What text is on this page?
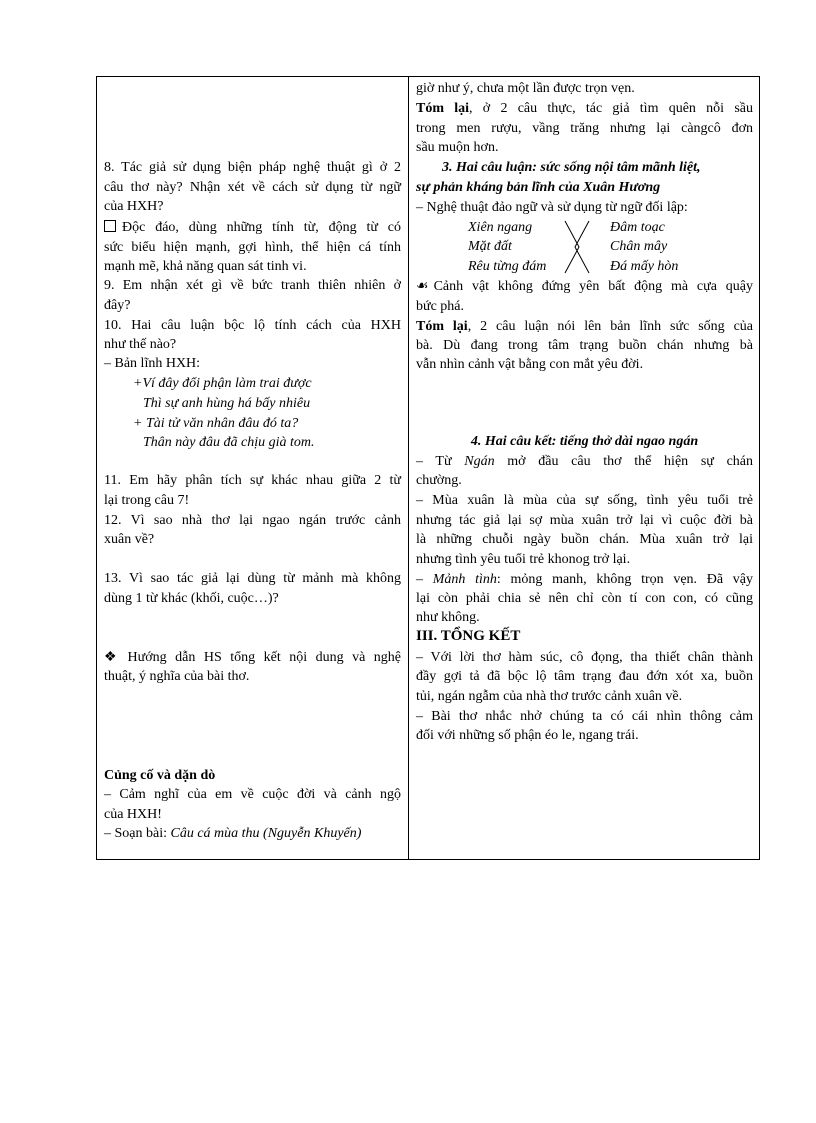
8. Tác giả sử dụng biện pháp nghệ thuật gì ở 2
câu thơ này? Nhận xét về cách sử dụng từ ngữ
của HXH?
Độc đáo, dùng những tính từ, động từ có
sức biểu hiện mạnh, gợi hình, thể hiện cá tính
mạnh mẽ, khả năng quan sát tinh vi.
9. Em nhận xét gì về bức tranh thiên nhiên ở
đây?
10. Hai câu luận bộc lộ tính cách của HXH
như thế nào?
– Bản lĩnh HXH:
+Ví đây đổi phận làm trai được
Thì sự anh hùng há bấy nhiêu
+ Tài tử văn nhân đâu đó ta?
Thân này đâu đã chịu già tom.
11. Em hãy phân tích sự khác nhau giữa 2 từ
lại trong câu 7!
12. Vì sao nhà thơ lại ngao ngán trước cảnh
xuân về?
13. Vì sao tác giả lại dùng từ mảnh mà không
dùng 1 từ khác (khối, cuộc…)?
❖ Hướng dẫn HS tổng kết nội dung và nghệ
thuật, ý nghĩa của bài thơ.
Củng cố và dặn dò
– Cảm nghĩ của em về cuộc đời và cảnh ngộ
của HXH!
– Soạn bài: Câu cá mùa thu (Nguyễn Khuyến)
giờ như ý, chưa một lần được trọn vẹn.
Tóm lại, ở 2 câu thực, tác giả tìm quên nỗi sầu
trong men rượu, vầng trăng nhưng lại càngcô đơn
sầu muộn hơn.
3. Hai câu luận: sức sống nội tâm mãnh liệt,
sự phản kháng bản lĩnh của Xuân Hương
– Nghệ thuật đảo ngữ và sử dụng từ ngữ đối lập:
Xiên ngang
Mặt đất
Rêu từng đám
Đâm toạc
Chân mây
Đá mấy hòn
☙ Cảnh vật không đứng yên bất động mà cựa quậy
bức phá.
Tóm lại, 2 câu luận nói lên bản lĩnh sức sống của
bà. Dù đang trong tâm trạng buồn chán nhưng bà
vẫn nhìn cảnh vật bằng con mắt yêu đời.
4. Hai câu kết: tiếng thở dài ngao ngán
– Từ Ngán mở đầu câu thơ thể hiện sự chán
chường.
– Mùa xuân là mùa của sự sống, tình yêu tuổi trẻ
nhưng tác giả lại sợ mùa xuân trở lại vì cuộc đời bà
là những chuỗi ngày buồn chán. Mùa xuân trở lại
nhưng tình yêu tuổi trẻ khonog trở lại.
– Mảnh tình: mỏng manh, không trọn vẹn. Đã vậy
lại còn phải chia sẻ nên chỉ còn tí con con, có cũng
như không.
III. TỔNG KẾT
– Với lời thơ hàm súc, cô đọng, tha thiết chân thành
đầy gợi tả đã bộc lộ tâm trạng đau đớn xót xa, buồn
tủi, ngán ngẫm của nhà thơ trước cảnh xuân về.
– Bài thơ nhắc nhở chúng ta có cái nhìn thông cảm
đối với những số phận éo le, ngang trái.
